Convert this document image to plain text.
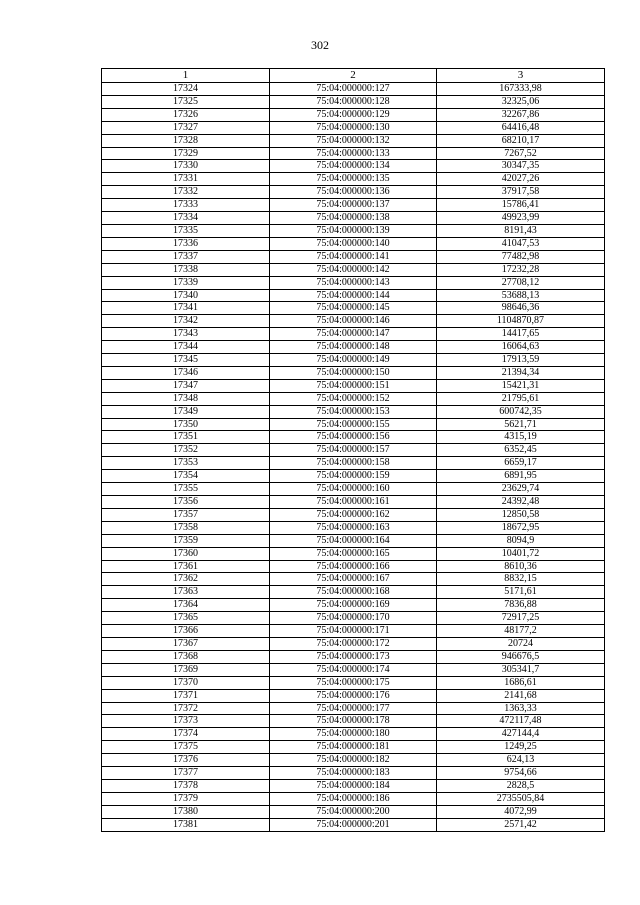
302
1	2	3
17324	75:04:000000:127	167333,98
17325	75:04:000000:128	32325,06
17326	75:04:000000:129	32267,86
17327	75:04:000000:130	64416,48
17328	75:04:000000:132	68210,17
17329	75:04:000000:133	7267,52
17330	75:04:000000:134	30347,35
17331	75:04:000000:135	42027,26
17332	75:04:000000:136	37917,58
17333	75:04:000000:137	15786,41
17334	75:04:000000:138	49923,99
17335	75:04:000000:139	8191,43
17336	75:04:000000:140	41047,53
17337	75:04:000000:141	77482,98
17338	75:04:000000:142	17232,28
17339	75:04:000000:143	27708,12
17340	75:04:000000:144	53688,13
17341	75:04:000000:145	98646,36
17342	75:04:000000:146	1104870,87
17343	75:04:000000:147	14417,65
17344	75:04:000000:148	16064,63
17345	75:04:000000:149	17913,59
17346	75:04:000000:150	21394,34
17347	75:04:000000:151	15421,31
17348	75:04:000000:152	21795,61
17349	75:04:000000:153	600742,35
17350	75:04:000000:155	5621,71
17351	75:04:000000:156	4315,19
17352	75:04:000000:157	6352,45
17353	75:04:000000:158	6659,17
17354	75:04:000000:159	6891,95
17355	75:04:000000:160	23629,74
17356	75:04:000000:161	24392,48
17357	75:04:000000:162	12850,58
17358	75:04:000000:163	18672,95
17359	75:04:000000:164	8094,9
17360	75:04:000000:165	10401,72
17361	75:04:000000:166	8610,36
17362	75:04:000000:167	8832,15
17363	75:04:000000:168	5171,61
17364	75:04:000000:169	7836,88
17365	75:04:000000:170	72917,25
17366	75:04:000000:171	48177,2
17367	75:04:000000:172	20724
17368	75:04:000000:173	946676,5
17369	75:04:000000:174	305341,7
17370	75:04:000000:175	1686,61
17371	75:04:000000:176	2141,68
17372	75:04:000000:177	1363,33
17373	75:04:000000:178	472117,48
17374	75:04:000000:180	427144,4
17375	75:04:000000:181	1249,25
17376	75:04:000000:182	624,13
17377	75:04:000000:183	9754,66
17378	75:04:000000:184	2828,5
17379	75:04:000000:186	2735505,84
17380	75:04:000000:200	4072,99
17381	75:04:000000:201	2571,42
